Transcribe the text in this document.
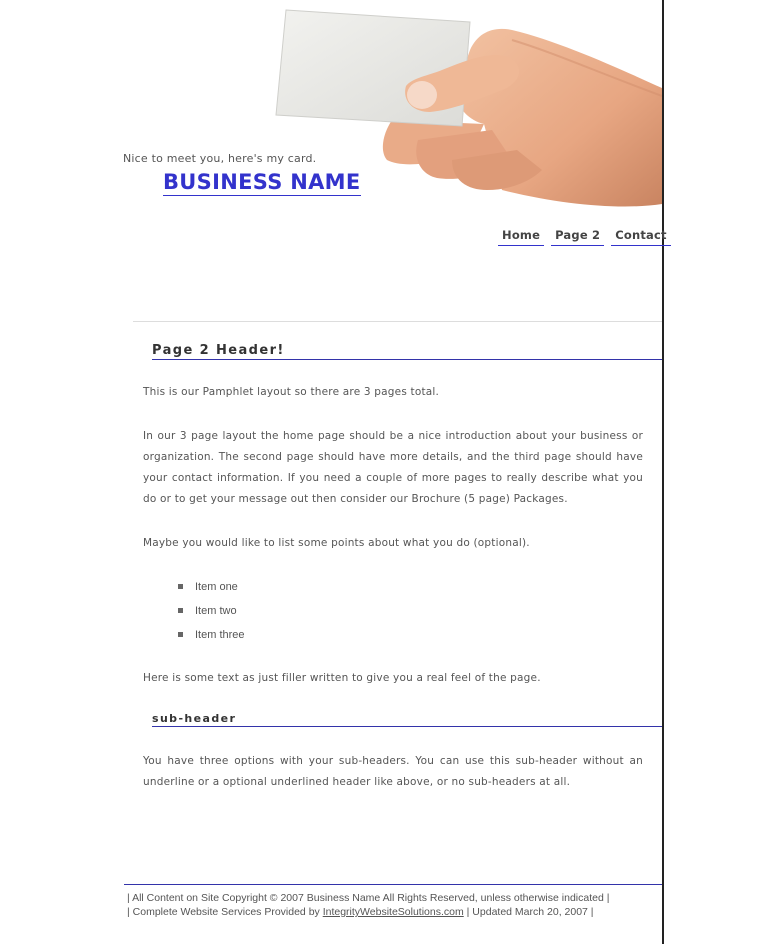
Nice to meet you, here's my card.
BUSINESS NAME
Home	Page 2	Contact
Page 2 Header!

This is our Pamphlet layout so there are 3 pages total.

In our 3 page layout the home page should be a nice introduction about your business or organization. The second page should have more details, and the third page should have your contact information. If you need a couple of more pages to really describe what you do or to get your message out then consider our Brochure (5 page) Packages.

Maybe you would like to list some points about what you do (optional).

Item one
Item two
Item three

Here is some text as just filler written to give you a real feel of the page.

sub-header

You have three options with your sub-headers. You can use this sub-header without an underline or a optional underlined header like above, or no sub-headers at all.

| All Content on Site Copyright © 2007 Business Name All Rights Reserved, unless otherwise indicated |
| Complete Website Services Provided by IntegrityWebsiteSolutions.com | Updated March 20, 2007 |
